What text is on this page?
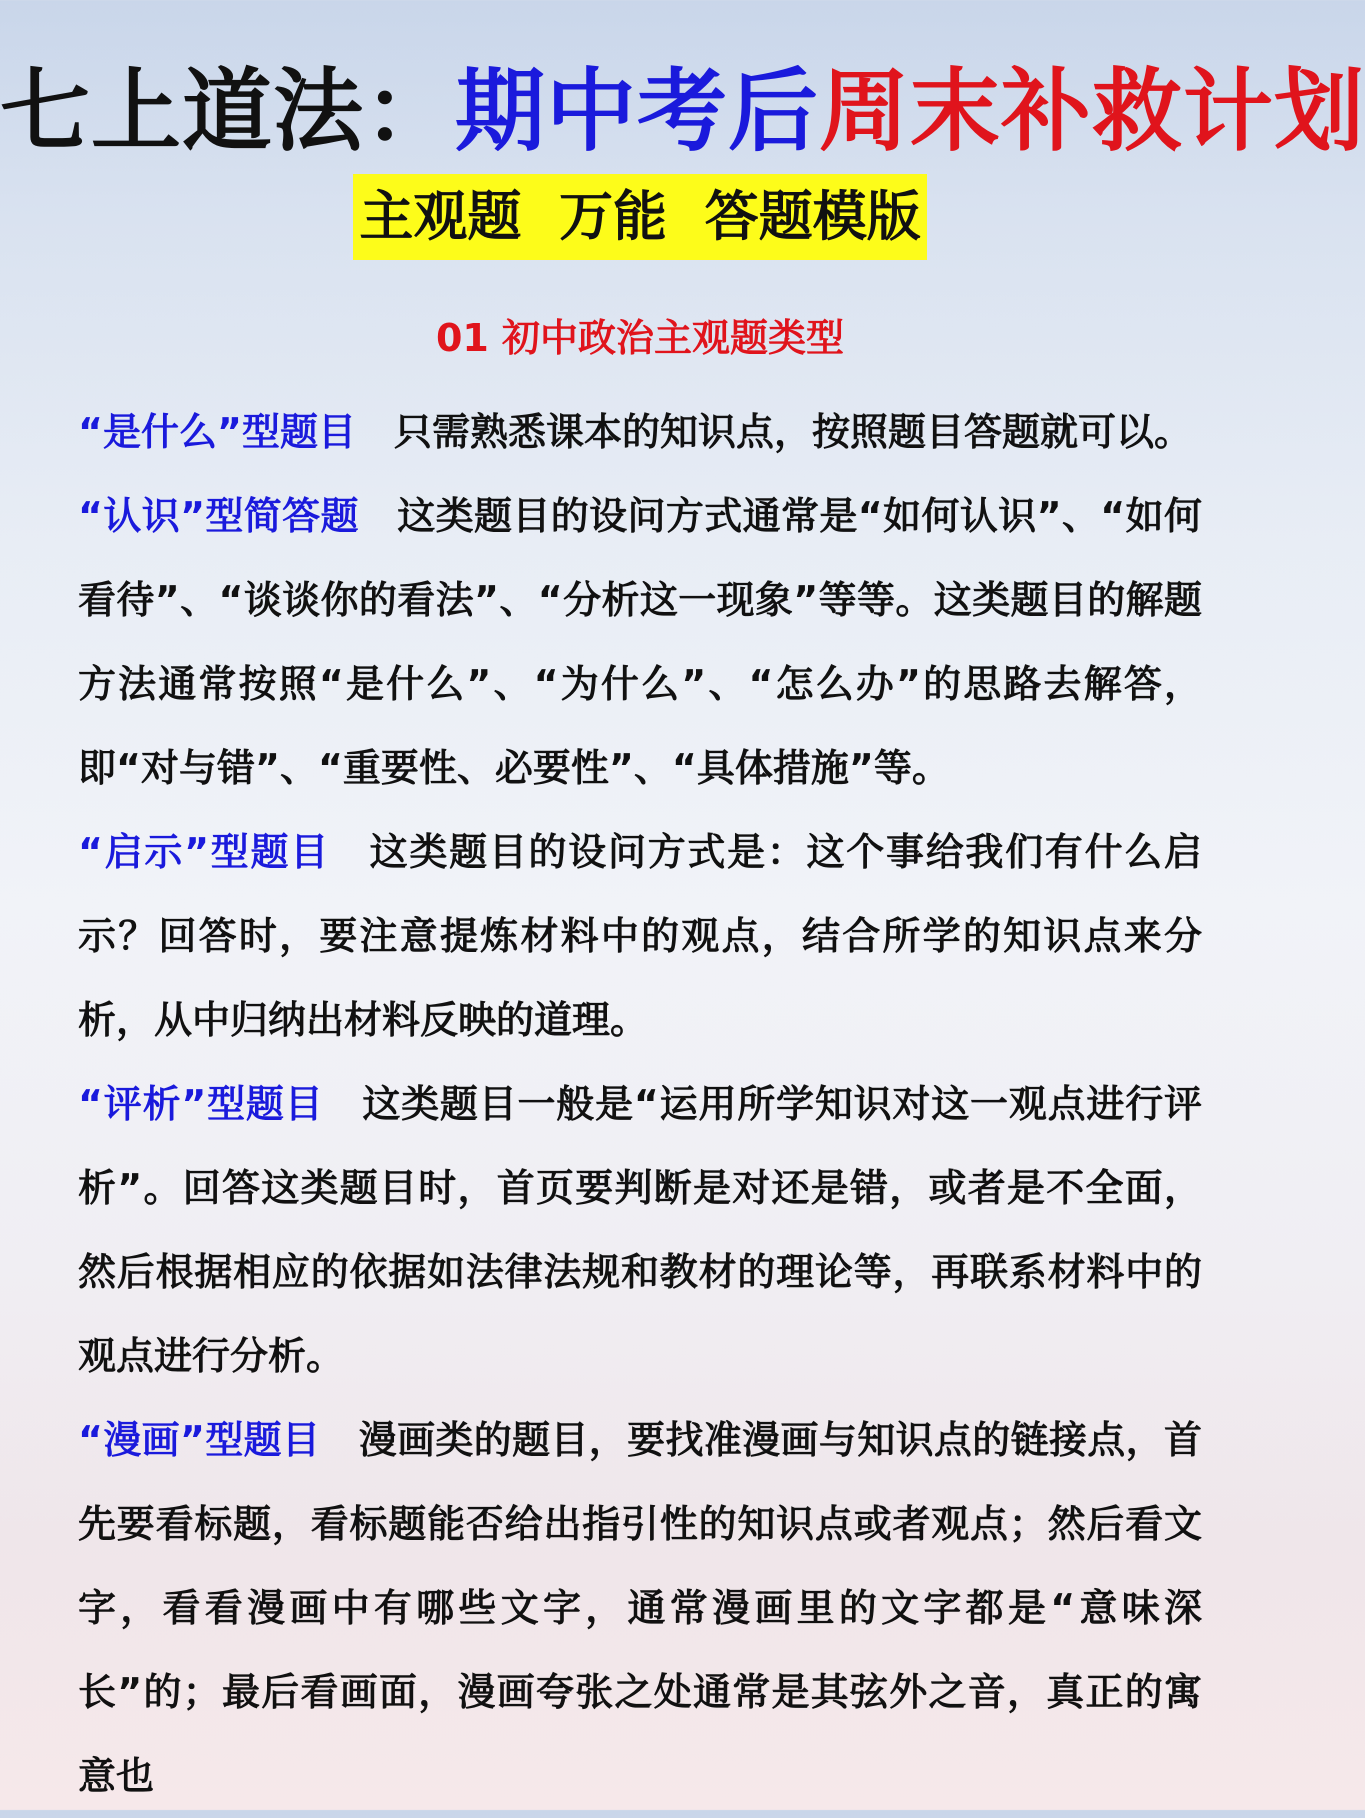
七上道法：期中考后周末补救计划
主观题  万能  答题模版
01 初中政治主观题类型

“是什么”型题目 只需熟悉课本的知识点，按照题目答题就可以。

“认识”型简答题 这类题目的设问方式通常是“如何认识”、“如何看待”、“谈谈你的看法”、“分析这一现象”等等。这类题目的解题方法通常按照“是什么”、“为什么”、“怎么办”的思路去解答，即“对与错”、“重要性、必要性”、“具体措施”等。

“启示”型题目 这类题目的设问方式是：这个事给我们有什么启示？回答时，要注意提炼材料中的观点，结合所学的知识点来分析，从中归纳出材料反映的道理。

“评析”型题目 这类题目一般是“运用所学知识对这一观点进行评析”。回答这类题目时，首页要判断是对还是错，或者是不全面，然后根据相应的依据如法律法规和教材的理论等，再联系材料中的观点进行分析。

“漫画”型题目 漫画类的题目，要找准漫画与知识点的链接点，首先要看标题，看标题能否给出指引性的知识点或者观点；然后看文字，看看漫画中有哪些文字，通常漫画里的文字都是“意味深长”的；最后看画面，漫画夸张之处通常是其弦外之音，真正的寓意也
